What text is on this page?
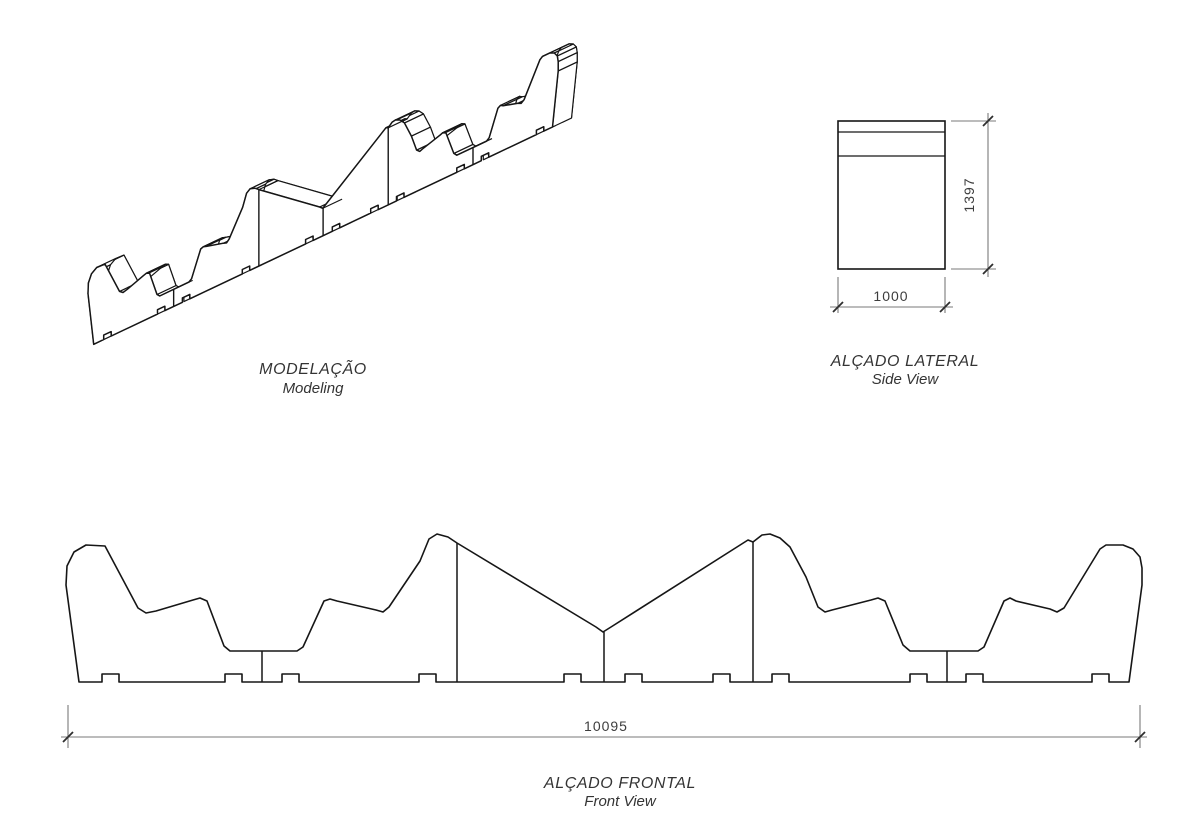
10095
1000
1397
MODELAÇÃO
Modeling
ALÇADO LATERAL
Side View
ALÇADO FRONTAL
Front View
